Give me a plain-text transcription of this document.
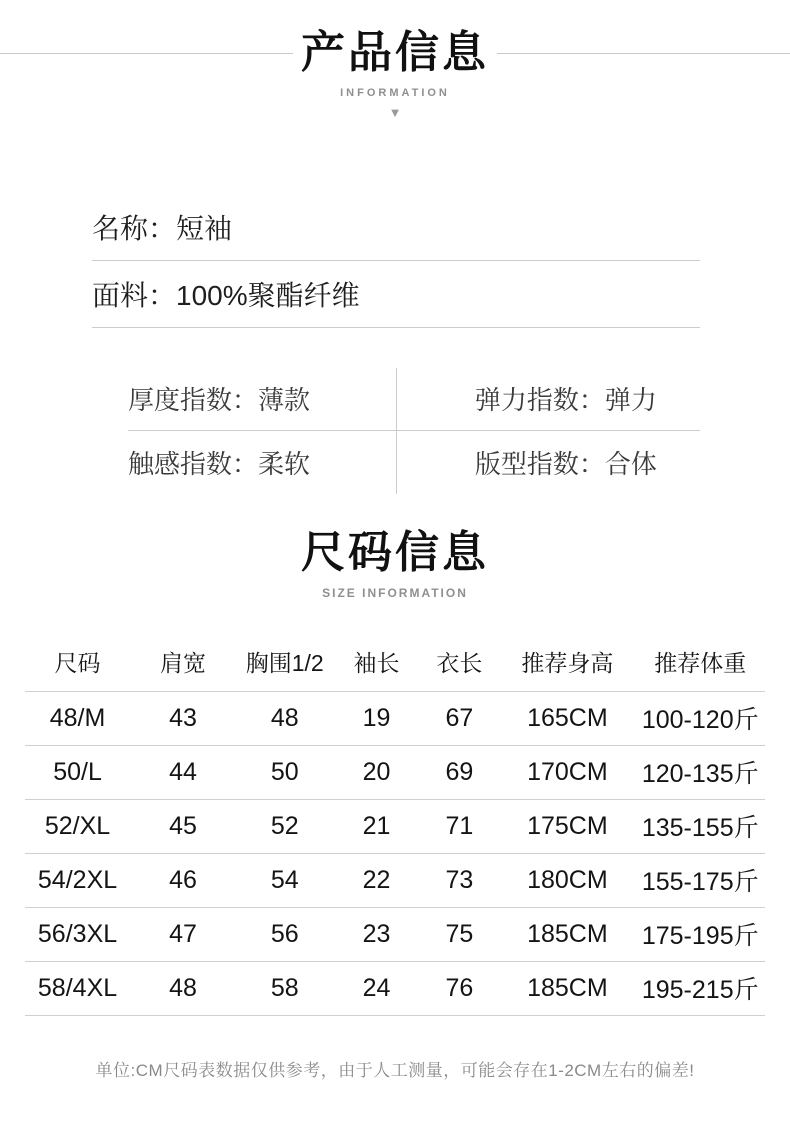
产品信息
INFORMATION
▼
名称： 短袖
面料： 100%聚酯纤维
厚度指数： 薄款	弹力指数： 弹力
触感指数： 柔软	版型指数： 合体
尺码信息
SIZE INFORMATION
尺码	肩宽	胸围1/2	袖长	衣长	推荐身高	推荐体重
48/M	43	48	19	67	165CM	100-120斤
50/L	44	50	20	69	170CM	120-135斤
52/XL	45	52	21	71	175CM	135-155斤
54/2XL	46	54	22	73	180CM	155-175斤
56/3XL	47	56	23	75	185CM	175-195斤
58/4XL	48	58	24	76	185CM	195-215斤
单位:CM尺码表数据仅供参考，由于人工测量，可能会存在1-2CM左右的偏差!
